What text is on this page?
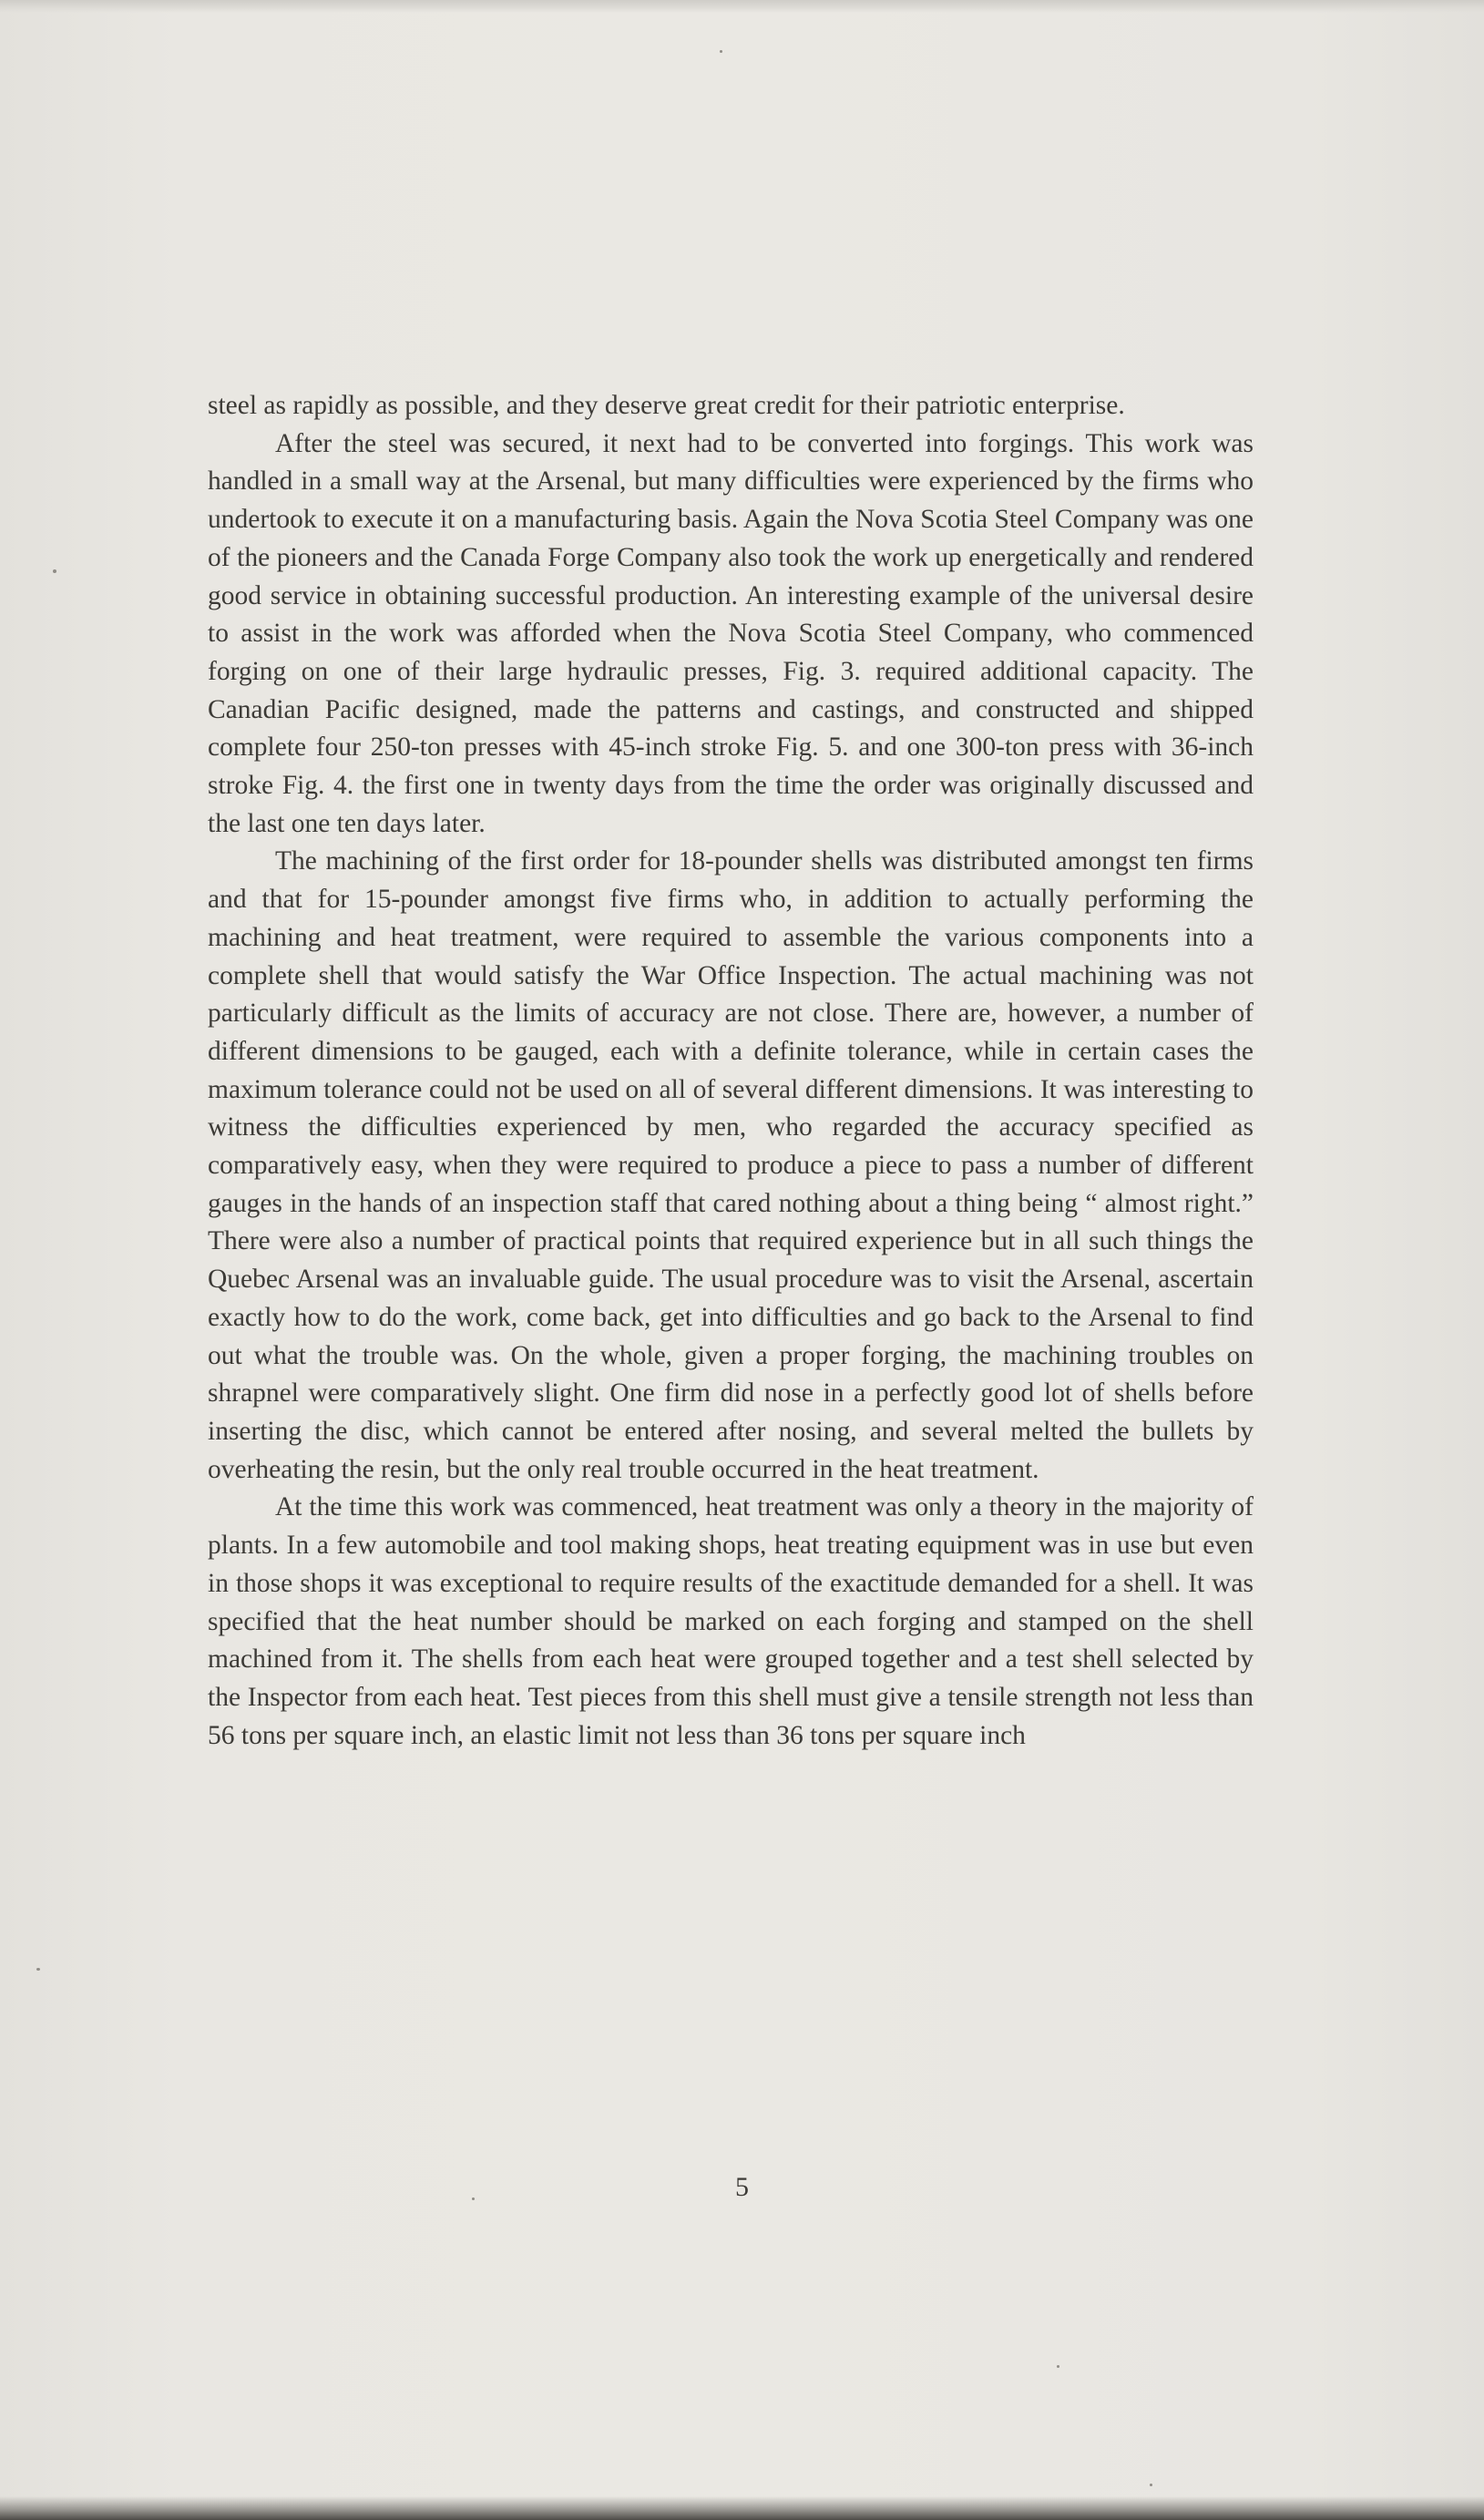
steel as rapidly as possible, and they deserve great credit for their patriotic enterprise.

After the steel was secured, it next had to be converted into forgings. This work was handled in a small way at the Arsenal, but many difficulties were experienced by the firms who undertook to execute it on a manufacturing basis. Again the Nova Scotia Steel Company was one of the pioneers and the Canada Forge Company also took the work up energetically and rendered good service in obtaining successful production. An interesting example of the universal desire to assist in the work was afforded when the Nova Scotia Steel Company, who commenced forging on one of their large hydraulic presses, Fig. 3. required additional capacity. The Canadian Pacific designed, made the patterns and castings, and constructed and shipped complete four 250-ton presses with 45-inch stroke Fig. 5. and one 300-ton press with 36-inch stroke Fig. 4. the first one in twenty days from the time the order was originally discussed and the last one ten days later.

The machining of the first order for 18-pounder shells was distributed amongst ten firms and that for 15-pounder amongst five firms who, in addition to actually performing the machining and heat treatment, were required to assemble the various components into a complete shell that would satisfy the War Office Inspection. The actual machining was not particularly difficult as the limits of accuracy are not close. There are, however, a number of different dimensions to be gauged, each with a definite tolerance, while in certain cases the maximum tolerance could not be used on all of several different dimensions. It was interesting to witness the difficulties experienced by men, who regarded the accuracy specified as comparatively easy, when they were required to produce a piece to pass a number of different gauges in the hands of an inspection staff that cared nothing about a thing being “ almost right.” There were also a number of practical points that required experience but in all such things the Quebec Arsenal was an invaluable guide. The usual procedure was to visit the Arsenal, ascertain exactly how to do the work, come back, get into difficulties and go back to the Arsenal to find out what the trouble was. On the whole, given a proper forging, the machining troubles on shrapnel were comparatively slight. One firm did nose in a perfectly good lot of shells before inserting the disc, which cannot be entered after nosing, and several melted the bullets by overheating the resin, but the only real trouble occurred in the heat treatment.

At the time this work was commenced, heat treatment was only a theory in the majority of plants. In a few automobile and tool making shops, heat treating equipment was in use but even in those shops it was exceptional to require results of the exactitude demanded for a shell. It was specified that the heat number should be marked on each forging and stamped on the shell machined from it. The shells from each heat were grouped together and a test shell selected by the Inspector from each heat. Test pieces from this shell must give a tensile strength not less than 56 tons per square inch, an elastic limit not less than 36 tons per square inch

5
